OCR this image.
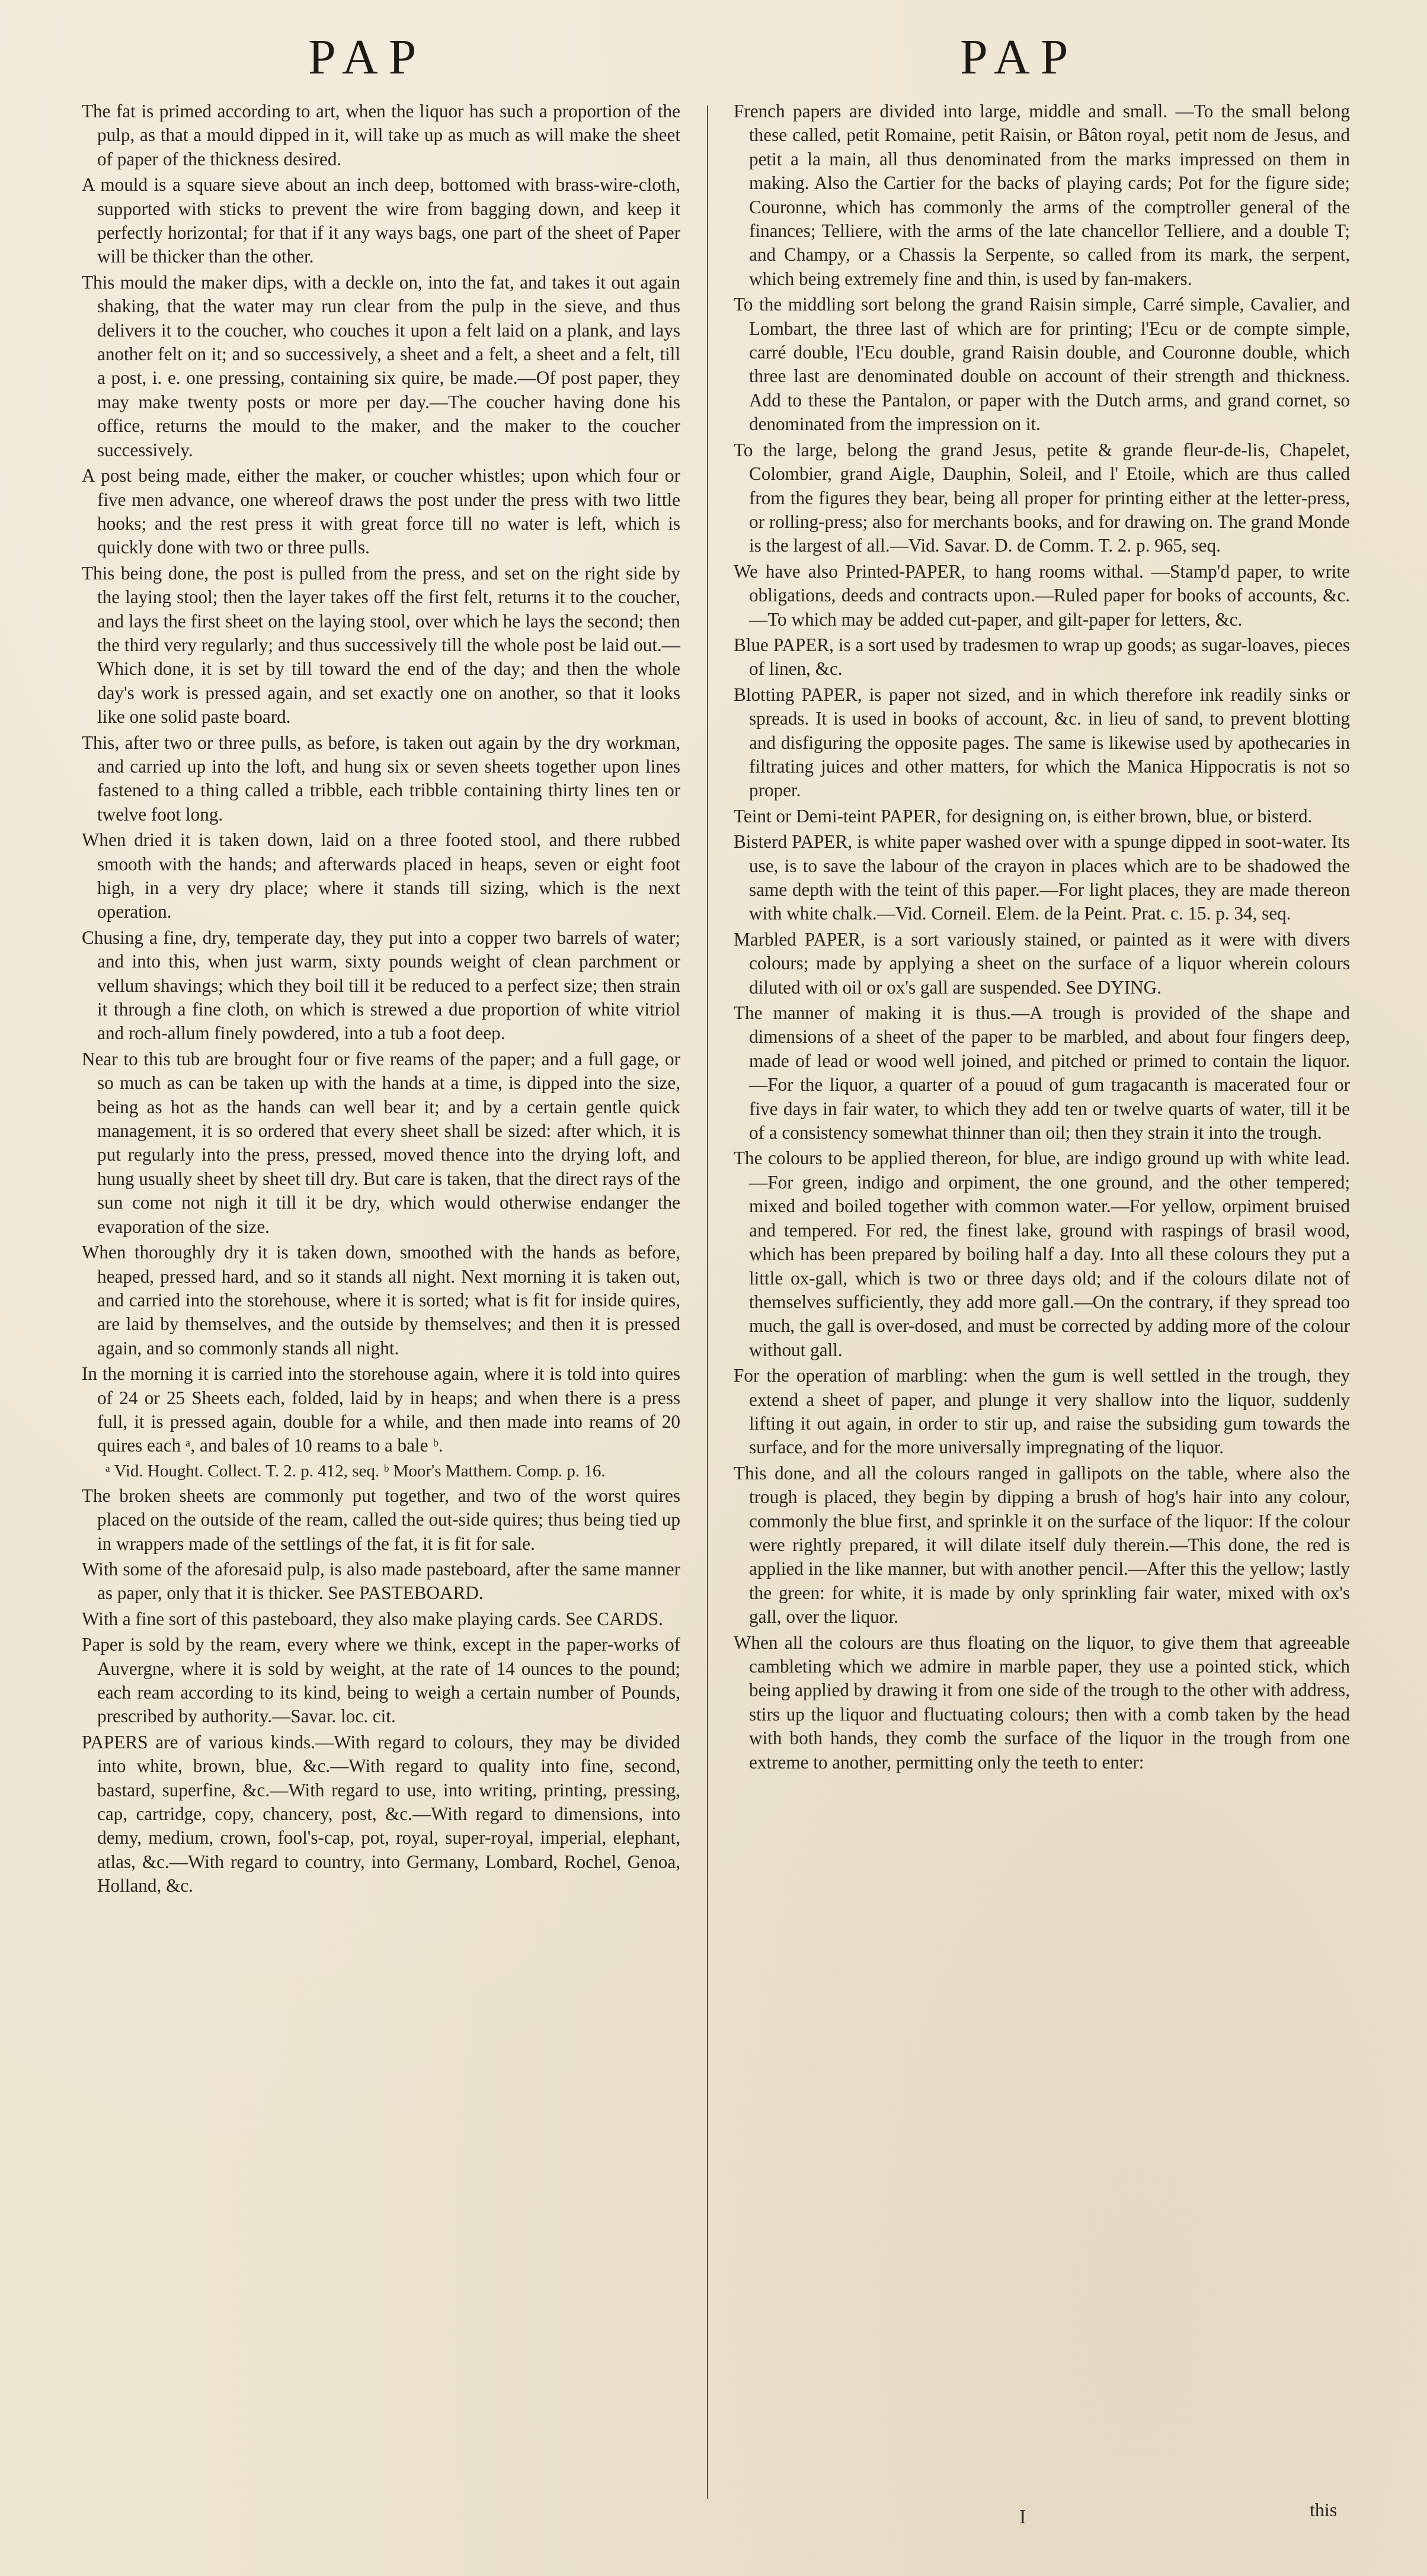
PAP	PAP

The fat is primed according to art, when the liquor has such a proportion of the pulp, as that a mould dipped in it, will take up as much as will make the sheet of paper of the thickness desired.

A mould is a square sieve about an inch deep, bottomed with brass-wire-cloth, supported with sticks to prevent the wire from bagging down, and keep it perfectly horizontal; for that if it any ways bags, one part of the sheet of Paper will be thicker than the other.

This mould the maker dips, with a deckle on, into the fat, and takes it out again shaking, that the water may run clear from the pulp in the sieve, and thus delivers it to the coucher, who couches it upon a felt laid on a plank, and lays another felt on it; and so successively, a sheet and a felt, a sheet and a felt, till a post, i. e. one pressing, containing six quire, be made.—Of post paper, they may make twenty posts or more per day.—The coucher having done his office, returns the mould to the maker, and the maker to the coucher successively.

A post being made, either the maker, or coucher whistles; upon which four or five men advance, one whereof draws the post under the press with two little hooks; and the rest press it with great force till no water is left, which is quickly done with two or three pulls.

This being done, the post is pulled from the press, and set on the right side by the laying stool; then the layer takes off the first felt, returns it to the coucher, and lays the first sheet on the laying stool, over which he lays the second; then the third very regularly; and thus successively till the whole post be laid out.—Which done, it is set by till toward the end of the day; and then the whole day's work is pressed again, and set exactly one on another, so that it looks like one solid paste board.

This, after two or three pulls, as before, is taken out again by the dry workman, and carried up into the loft, and hung six or seven sheets together upon lines fastened to a thing called a tribble, each tribble containing thirty lines ten or twelve foot long.

When dried it is taken down, laid on a three footed stool, and there rubbed smooth with the hands; and afterwards placed in heaps, seven or eight foot high, in a very dry place; where it stands till sizing, which is the next operation.

Chusing a fine, dry, temperate day, they put into a copper two barrels of water; and into this, when just warm, sixty pounds weight of clean parchment or vellum shavings; which they boil till it be reduced to a perfect size; then strain it through a fine cloth, on which is strewed a due proportion of white vitriol and roch-allum finely powdered, into a tub a foot deep.

Near to this tub are brought four or five reams of the paper; and a full gage, or so much as can be taken up with the hands at a time, is dipped into the size, being as hot as the hands can well bear it; and by a certain gentle quick management, it is so ordered that every sheet shall be sized: after which, it is put regularly into the press, pressed, moved thence into the drying loft, and hung usually sheet by sheet till dry. But care is taken, that the direct rays of the sun come not nigh it till it be dry, which would otherwise endanger the evaporation of the size.

When thoroughly dry it is taken down, smoothed with the hands as before, heaped, pressed hard, and so it stands all night. Next morning it is taken out, and carried into the storehouse, where it is sorted; what is fit for inside quires, are laid by themselves, and the outside by themselves; and then it is pressed again, and so commonly stands all night.

In the morning it is carried into the storehouse again, where it is told into quires of 24 or 25 Sheets each, folded, laid by in heaps; and when there is a press full, it is pressed again, double for a while, and then made into reams of 20 quires each ᵃ, and bales of 10 reams to a bale ᵇ.

ᵃ Vid. Hought. Collect. T. 2. p. 412, seq. ᵇ Moor's Matthem. Comp. p. 16.

The broken sheets are commonly put together, and two of the worst quires placed on the outside of the ream, called the out-side quires; thus being tied up in wrappers made of the settlings of the fat, it is fit for sale.

With some of the aforesaid pulp, is also made pasteboard, after the same manner as paper, only that it is thicker. See PASTEBOARD.

With a fine sort of this pasteboard, they also make playing cards. See CARDS.

Paper is sold by the ream, every where we think, except in the paper-works of Auvergne, where it is sold by weight, at the rate of 14 ounces to the pound; each ream according to its kind, being to weigh a certain number of Pounds, prescribed by authority.—Savar. loc. cit.

PAPERS are of various kinds.—With regard to colours, they may be divided into white, brown, blue, &c.—With regard to quality into fine, second, bastard, superfine, &c.—With regard to use, into writing, printing, pressing, cap, cartridge, copy, chancery, post, &c.—With regard to dimensions, into demy, medium, crown, fool's-cap, pot, royal, super-royal, imperial, elephant, atlas, &c.—With regard to country, into Germany, Lombard, Rochel, Genoa, Holland, &c.

French papers are divided into large, middle and small. —To the small belong these called, petit Romaine, petit Raisin, or Bâton royal, petit nom de Jesus, and petit a la main, all thus denominated from the marks impressed on them in making. Also the Cartier for the backs of playing cards; Pot for the figure side; Couronne, which has commonly the arms of the comptroller general of the finances; Telliere, with the arms of the late chancellor Telliere, and a double T; and Champy, or a Chassis la Serpente, so called from its mark, the serpent, which being extremely fine and thin, is used by fan-makers.

To the middling sort belong the grand Raisin simple, Carré simple, Cavalier, and Lombart, the three last of which are for printing; l'Ecu or de compte simple, carré double, l'Ecu double, grand Raisin double, and Couronne double, which three last are denominated double on account of their strength and thickness. Add to these the Pantalon, or paper with the Dutch arms, and grand cornet, so denominated from the impression on it.

To the large, belong the grand Jesus, petite & grande fleur-de-lis, Chapelet, Colombier, grand Aigle, Dauphin, Soleil, and l' Etoile, which are thus called from the figures they bear, being all proper for printing either at the letter-press, or rolling-press; also for merchants books, and for drawing on. The grand Monde is the largest of all.—Vid. Savar. D. de Comm. T. 2. p. 965, seq.

We have also Printed-PAPER, to hang rooms withal. —Stamp'd paper, to write obligations, deeds and contracts upon.—Ruled paper for books of accounts, &c.—To which may be added cut-paper, and gilt-paper for letters, &c.

Blue PAPER, is a sort used by tradesmen to wrap up goods; as sugar-loaves, pieces of linen, &c.

Blotting PAPER, is paper not sized, and in which therefore ink readily sinks or spreads. It is used in books of account, &c. in lieu of sand, to prevent blotting and disfiguring the opposite pages. The same is likewise used by apothecaries in filtrating juices and other matters, for which the Manica Hippocratis is not so proper.

Teint or Demi-teint PAPER, for designing on, is either brown, blue, or bisterd.

Bisterd PAPER, is white paper washed over with a spunge dipped in soot-water. Its use, is to save the labour of the crayon in places which are to be shadowed the same depth with the teint of this paper.—For light places, they are made thereon with white chalk.—Vid. Corneil. Elem. de la Peint. Prat. c. 15. p. 34, seq.

Marbled PAPER, is a sort variously stained, or painted as it were with divers colours; made by applying a sheet on the surface of a liquor wherein colours diluted with oil or ox's gall are suspended. See DYING.

The manner of making it is thus.—A trough is provided of the shape and dimensions of a sheet of the paper to be marbled, and about four fingers deep, made of lead or wood well joined, and pitched or primed to contain the liquor. —For the liquor, a quarter of a pouud of gum tragacanth is macerated four or five days in fair water, to which they add ten or twelve quarts of water, till it be of a consistency somewhat thinner than oil; then they strain it into the trough.

The colours to be applied thereon, for blue, are indigo ground up with white lead.—For green, indigo and orpiment, the one ground, and the other tempered; mixed and boiled together with common water.—For yellow, orpiment bruised and tempered. For red, the finest lake, ground with raspings of brasil wood, which has been prepared by boiling half a day. Into all these colours they put a little ox-gall, which is two or three days old; and if the colours dilate not of themselves sufficiently, they add more gall.—On the contrary, if they spread too much, the gall is over-dosed, and must be corrected by adding more of the colour without gall.

For the operation of marbling: when the gum is well settled in the trough, they extend a sheet of paper, and plunge it very shallow into the liquor, suddenly lifting it out again, in order to stir up, and raise the subsiding gum towards the surface, and for the more universally impregnating of the liquor.

This done, and all the colours ranged in gallipots on the table, where also the trough is placed, they begin by dipping a brush of hog's hair into any colour, commonly the blue first, and sprinkle it on the surface of the liquor: If the colour were rightly prepared, it will dilate itself duly therein.—This done, the red is applied in the like manner, but with another pencil.—After this the yellow; lastly the green: for white, it is made by only sprinkling fair water, mixed with ox's gall, over the liquor.

When all the colours are thus floating on the liquor, to give them that agreeable cambleting which we admire in marble paper, they use a pointed stick, which being applied by drawing it from one side of the trough to the other with address, stirs up the liquor and fluctuating colours; then with a comb taken by the head with both hands, they comb the surface of the liquor in the trough from one extreme to another, permitting only the teeth to enter:

I	this
